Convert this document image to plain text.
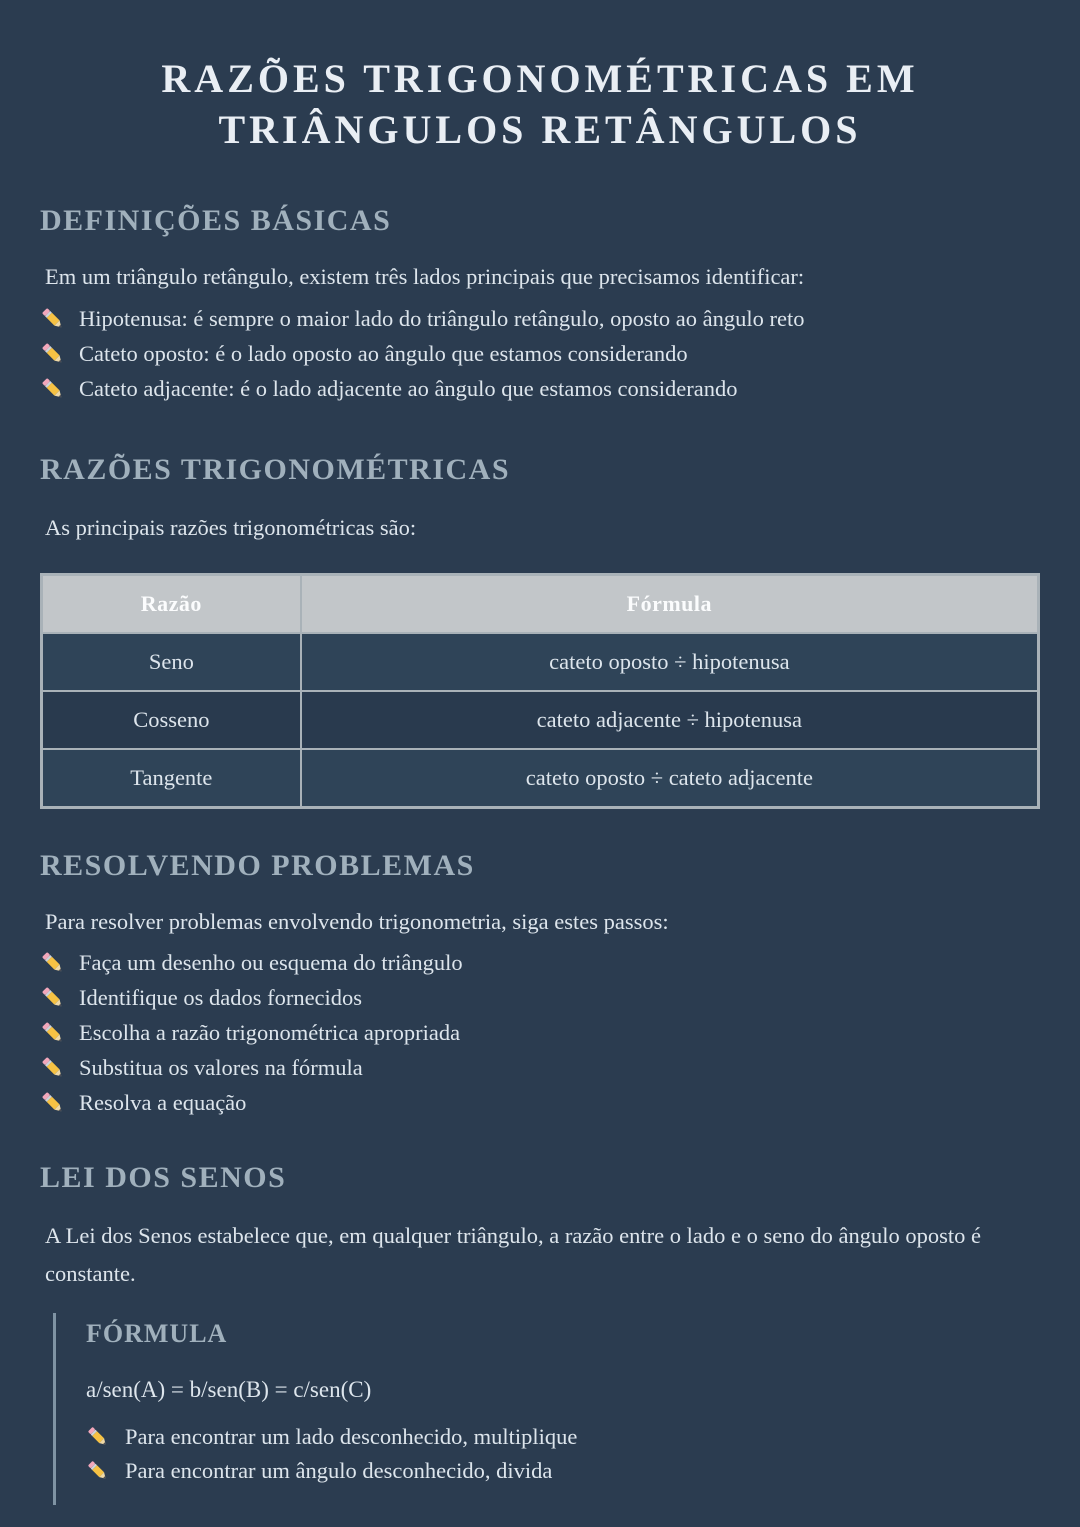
RAZÕES TRIGONOMÉTRICAS EM
TRIÂNGULOS RETÂNGULOS
DEFINIÇÕES BÁSICAS

Em um triângulo retângulo, existem três lados principais que precisamos identificar:

Hipotenusa: é sempre o maior lado do triângulo retângulo, oposto ao ângulo reto
Cateto oposto: é o lado oposto ao ângulo que estamos considerando
Cateto adjacente: é o lado adjacente ao ângulo que estamos considerando
RAZÕES TRIGONOMÉTRICAS

As principais razões trigonométricas são:

Razão	Fórmula
Seno	cateto oposto ÷ hipotenusa
Cosseno	cateto adjacente ÷ hipotenusa
Tangente	cateto oposto ÷ cateto adjacente
RESOLVENDO PROBLEMAS

Para resolver problemas envolvendo trigonometria, siga estes passos:

Faça um desenho ou esquema do triângulo
Identifique os dados fornecidos
Escolha a razão trigonométrica apropriada
Substitua os valores na fórmula
Resolva a equação
LEI DOS SENOS

A Lei dos Senos estabelece que, em qualquer triângulo, a razão entre o lado e o seno do ângulo oposto é constante.

FÓRMULA

a/sen(A) = b/sen(B) = c/sen(C)

Para encontrar um lado desconhecido, multiplique
Para encontrar um ângulo desconhecido, divida
